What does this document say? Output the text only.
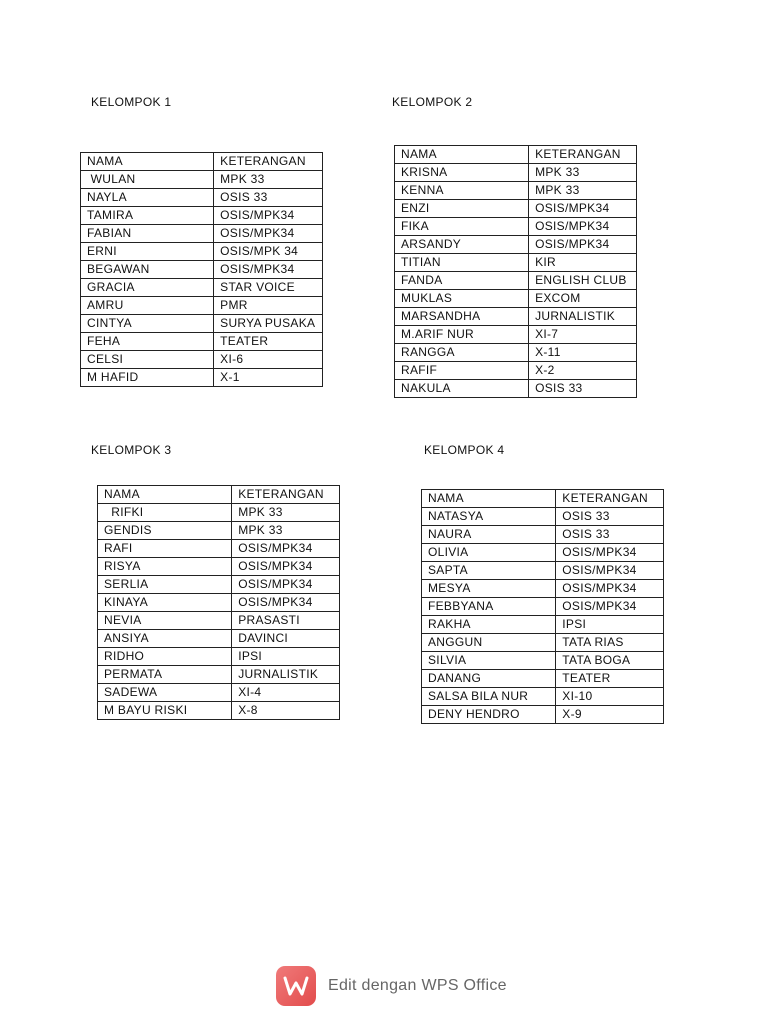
KELOMPOK 1
NAMA	KETERANGAN
WULAN	MPK 33
NAYLA	OSIS 33
TAMIRA	OSIS/MPK34
FABIAN	OSIS/MPK34
ERNI	OSIS/MPK 34
BEGAWAN	OSIS/MPK34
GRACIA	STAR VOICE
AMRU	PMR
CINTYA	SURYA PUSAKA
FEHA	TEATER
CELSI	XI-6
M HAFID	X-1
KELOMPOK 2
NAMA	KETERANGAN
KRISNA	MPK 33
KENNA	MPK 33
ENZI	OSIS/MPK34
FIKA	OSIS/MPK34
ARSANDY	OSIS/MPK34
TITIAN	KIR
FANDA	ENGLISH CLUB
MUKLAS	EXCOM
MARSANDHA	JURNALISTIK
M.ARIF NUR	XI-7
RANGGA	X-11
RAFIF	X-2
NAKULA	OSIS 33
KELOMPOK 3
NAMA	KETERANGAN
RIFKI	MPK 33
GENDIS	MPK 33
RAFI	OSIS/MPK34
RISYA	OSIS/MPK34
SERLIA	OSIS/MPK34
KINAYA	OSIS/MPK34
NEVIA	PRASASTI
ANSIYA	DAVINCI
RIDHO	IPSI
PERMATA	JURNALISTIK
SADEWA	XI-4
M BAYU RISKI	X-8
KELOMPOK 4
NAMA	KETERANGAN
NATASYA	OSIS 33
NAURA	OSIS 33
OLIVIA	OSIS/MPK34
SAPTA	OSIS/MPK34
MESYA	OSIS/MPK34
FEBBYANA	OSIS/MPK34
RAKHA	IPSI
ANGGUN	TATA RIAS
SILVIA	TATA BOGA
DANANG	TEATER
SALSA BILA NUR	XI-10
DENY HENDRO	X-9
Edit dengan WPS Office
